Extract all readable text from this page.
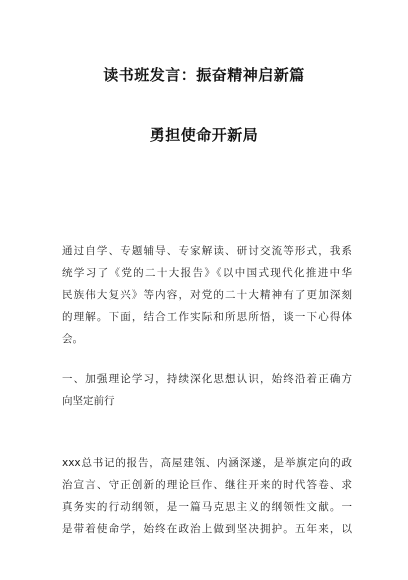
读书班发言：振奋精神启新篇
勇担使命开新局
通过自学、专题辅导、专家解读、研讨交流等形式，我系
统学习了《党的二十大报告》《以中国式现代化推进中华
民族伟大复兴》等内容，对党的二十大精神有了更加深刻
的理解。下面，结合工作实际和所思所悟，谈一下心得体
会。
一、加强理论学习，持续深化思想认识，始终沿着正确方
向坚定前行
xxx总书记的报告，高屋建瓴、内涵深遂，是举旗定向的政
治宣言、守正创新的理论巨作、继往开来的时代答卷、求
真务实的行动纲领，是一篇马克思主义的纲领性文献。一
是带着使命学，始终在政治上做到坚决拥护。五年来，以
